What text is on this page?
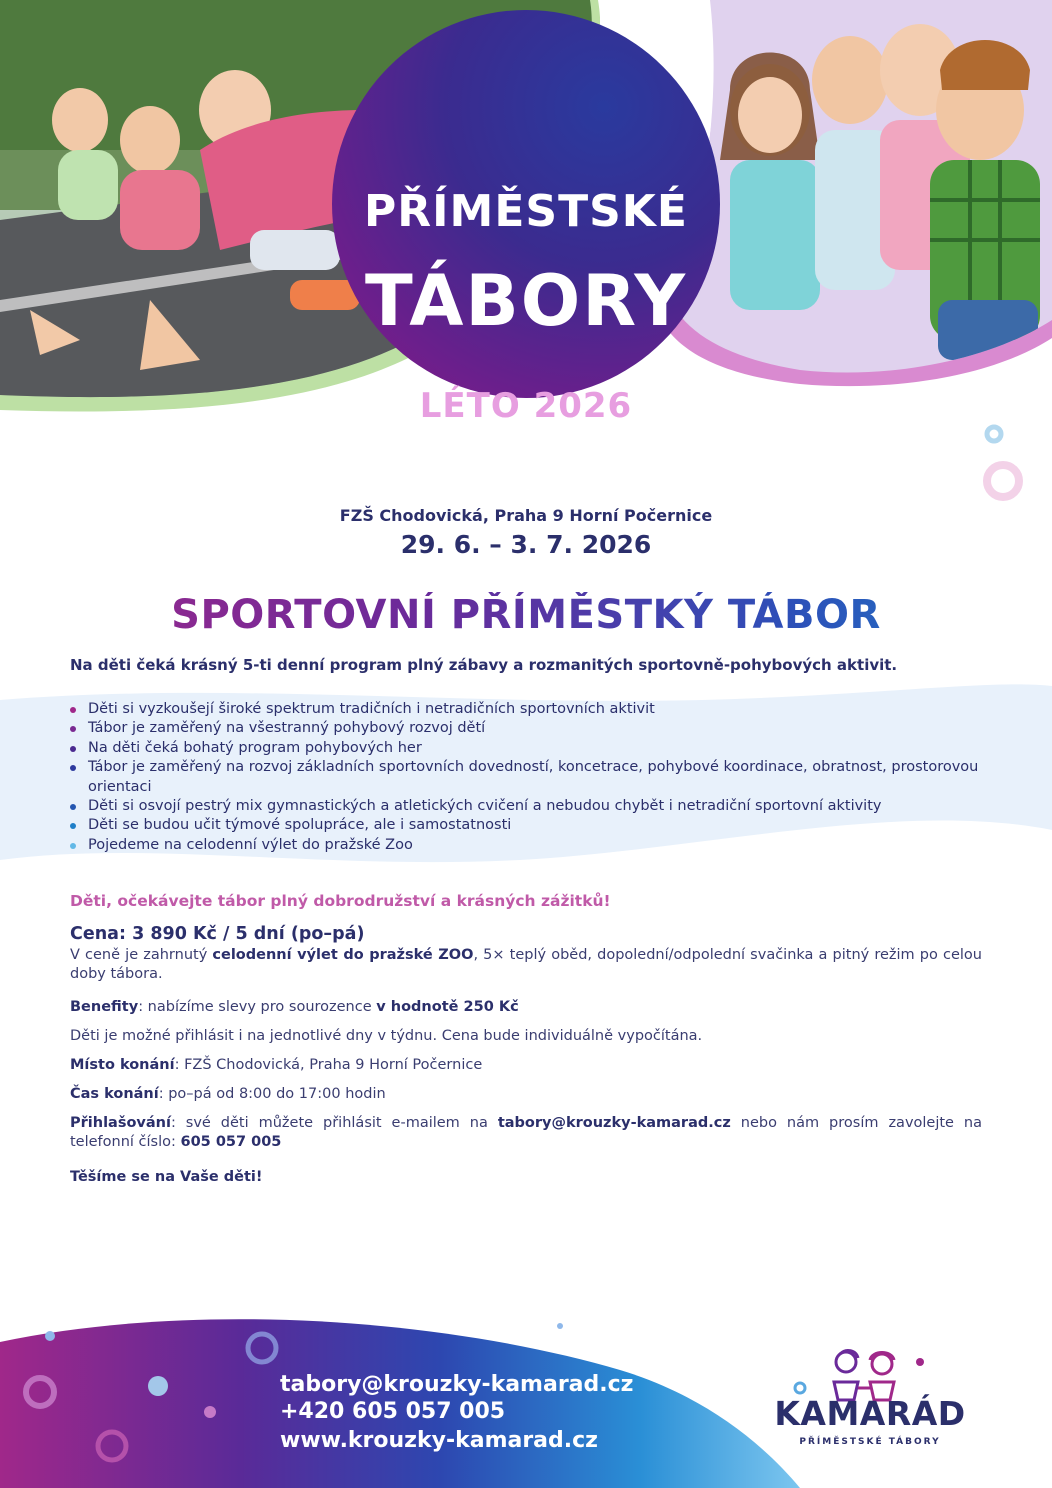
PŘÍMĚSTSKÉ
TÁBORY
LÉTO 2026
FZŠ Chodovická, Praha 9 Horní Počernice
29. 6. – 3. 7. 2026
SPORTOVNÍ PŘÍMĚSTKÝ TÁBOR
Na děti čeká krásný 5-ti denní program plný zábavy a rozmanitých sportovně-pohybových aktivit.
Děti si vyzkoušejí široké spektrum tradičních i netradičních sportovních aktivit
Tábor je zaměřený na všestranný pohybový rozvoj dětí
Na děti čeká bohatý program pohybových her
Tábor je zaměřený na rozvoj základních sportovních dovedností, koncetrace, pohybové koordinace, obratnost, prostorovou orientaci
Děti si osvojí pestrý mix gymnastických a atletických cvičení a nebudou chybět i netradiční sportovní aktivity
Děti se budou učit týmové spolupráce, ale i samostatnosti
Pojedeme na celodenní výlet do pražské Zoo
Děti, očekávejte tábor plný dobrodružství a krásných zážitků!
Cena: 3 890 Kč / 5 dní (po–pá)
V ceně je zahrnutý celodenní výlet do pražské ZOO, 5× teplý oběd, dopolední/odpolední svačinka a pitný režim po celou doby tábora.
Benefity: nabízíme slevy pro sourozence v hodnotě 250 Kč
Děti je možné přihlásit i na jednotlivé dny v týdnu. Cena bude individuálně vypočítána.
Místo konání: FZŠ Chodovická, Praha 9 Horní Počernice
Čas konání: po–pá od 8:00 do 17:00 hodin
Přihlašování: své děti můžete přihlásit e-mailem na tabory@krouzky-kamarad.cz nebo nám prosím zavolejte na telefonní číslo: 605 057 005
Těšíme se na Vaše děti!
tabory@krouzky-kamarad.cz
+420 605 057 005
www.krouzky-kamarad.cz
KAMARÁD
PŘÍMĚSTSKÉ TÁBORY
